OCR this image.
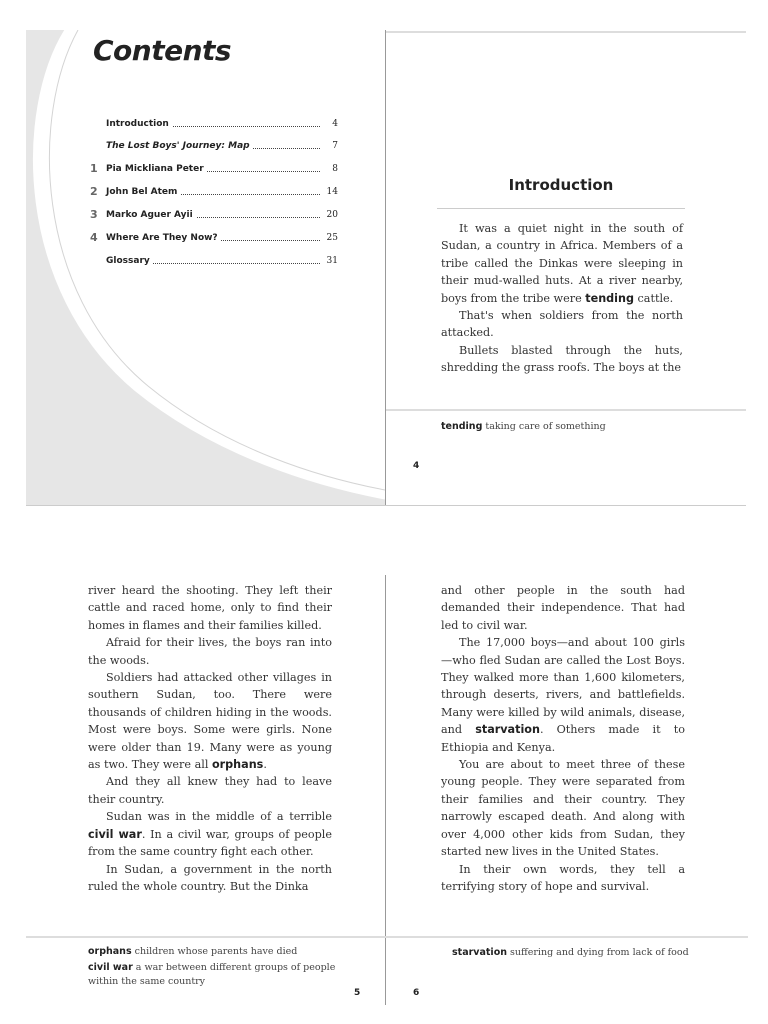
Contents
Introduction	4
The Lost Boys' Journey: Map	7
1 Pia Mickliana Peter	8
2 John Bel Atem	14
3 Marko Aguer Ayii	20
4 Where Are They Now?	25
Glossary	31
Introduction

It was a quiet night in the south of Sudan, a country in Africa. Members of a tribe called the Dinkas were sleeping in their mud-walled huts. At a river nearby, boys from the tribe were tending cattle.

That's when soldiers from the north attacked.

Bullets blasted through the huts, shredding the grass roofs. The boys at the

tending taking care of something
4

river heard the shooting. They left their cattle and raced home, only to find their homes in flames and their families killed.

Afraid for their lives, the boys ran into the woods.

Soldiers had attacked other villages in southern Sudan, too. There were thousands of children hiding in the woods. Most were boys. Some were girls. None were older than 19. Many were as young as two. They were all orphans.

And they all knew they had to leave their country.

Sudan was in the middle of a terrible civil war. In a civil war, groups of people from the same country fight each other.

In Sudan, a government in the north ruled the whole country. But the Dinka

and other people in the south had demanded their independence. That had led to civil war.

The 17,000 boys—and about 100 girls—who fled Sudan are called the Lost Boys. They walked more than 1,600 kilometers, through deserts, rivers, and battlefields. Many were killed by wild animals, disease, and starvation. Others made it to Ethiopia and Kenya.

You are about to meet three of these young people. They were separated from their families and their country. They narrowly escaped death. And along with over 4,000 other kids from Sudan, they started new lives in the United States.

In their own words, they tell a terrifying story of hope and survival.

orphans children whose parents have died
civil war a war between different groups of people within the same country
5
starvation suffering and dying from lack of food
6
